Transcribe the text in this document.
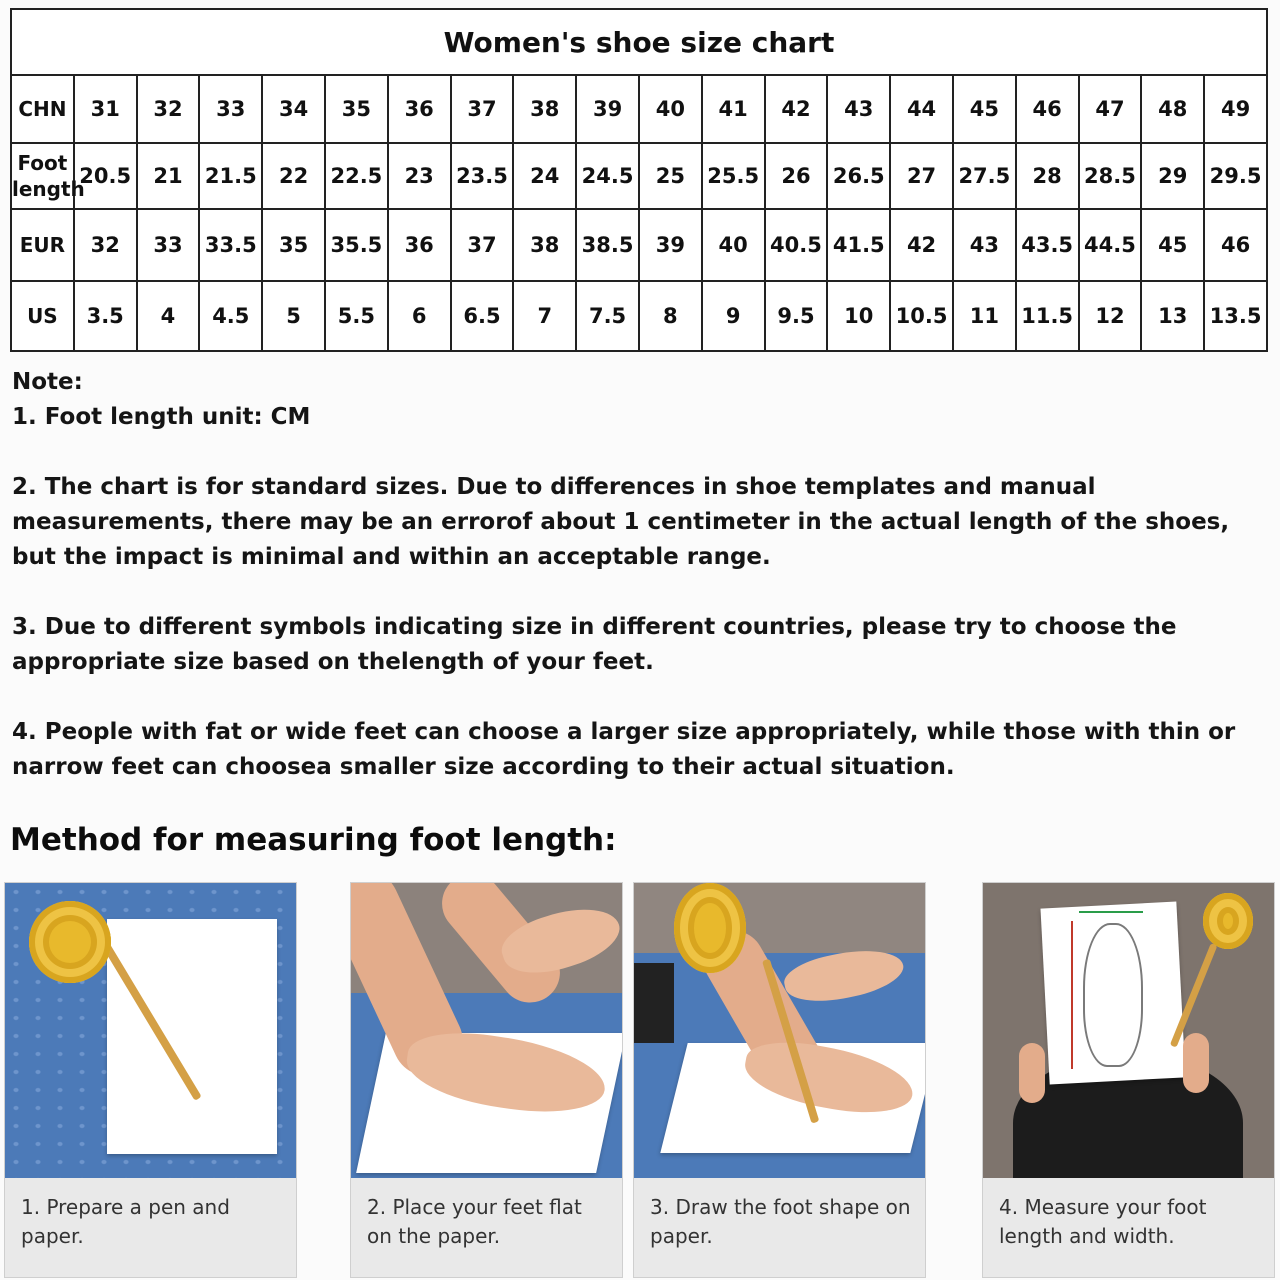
Women's shoe size chart																			
CHN	31	32	33	34	35	36	37	38	39	40	41	42	43	44	45	46	47	48	49
Foot length	20.5	21	21.5	22	22.5	23	23.5	24	24.5	25	25.5	26	26.5	27	27.5	28	28.5	29	29.5
EUR	32	33	33.5	35	35.5	36	37	38	38.5	39	40	40.5	41.5	42	43	43.5	44.5	45	46
US	3.5	4	4.5	5	5.5	6	6.5	7	7.5	8	9	9.5	10	10.5	11	11.5	12	13	13.5

Note:

1. Foot length unit: CM

2. The chart is for standard sizes. Due to differences in shoe templates and manual measurements, there may be an errorof about 1 centimeter in the actual length of the shoes, but the impact is minimal and within an acceptable range.

3. Due to different symbols indicating size in different countries, please try to choose the appropriate size based on thelength of your feet.

4. People with fat or wide feet can choose a larger size appropriately, while those with thin or narrow feet can choosea smaller size according to their actual situation.

Method for measuring foot length:
1. Prepare a pen and paper.
2. Place your feet flat on the paper.
3. Draw the foot shape on paper.
4. Measure your foot length and width.
